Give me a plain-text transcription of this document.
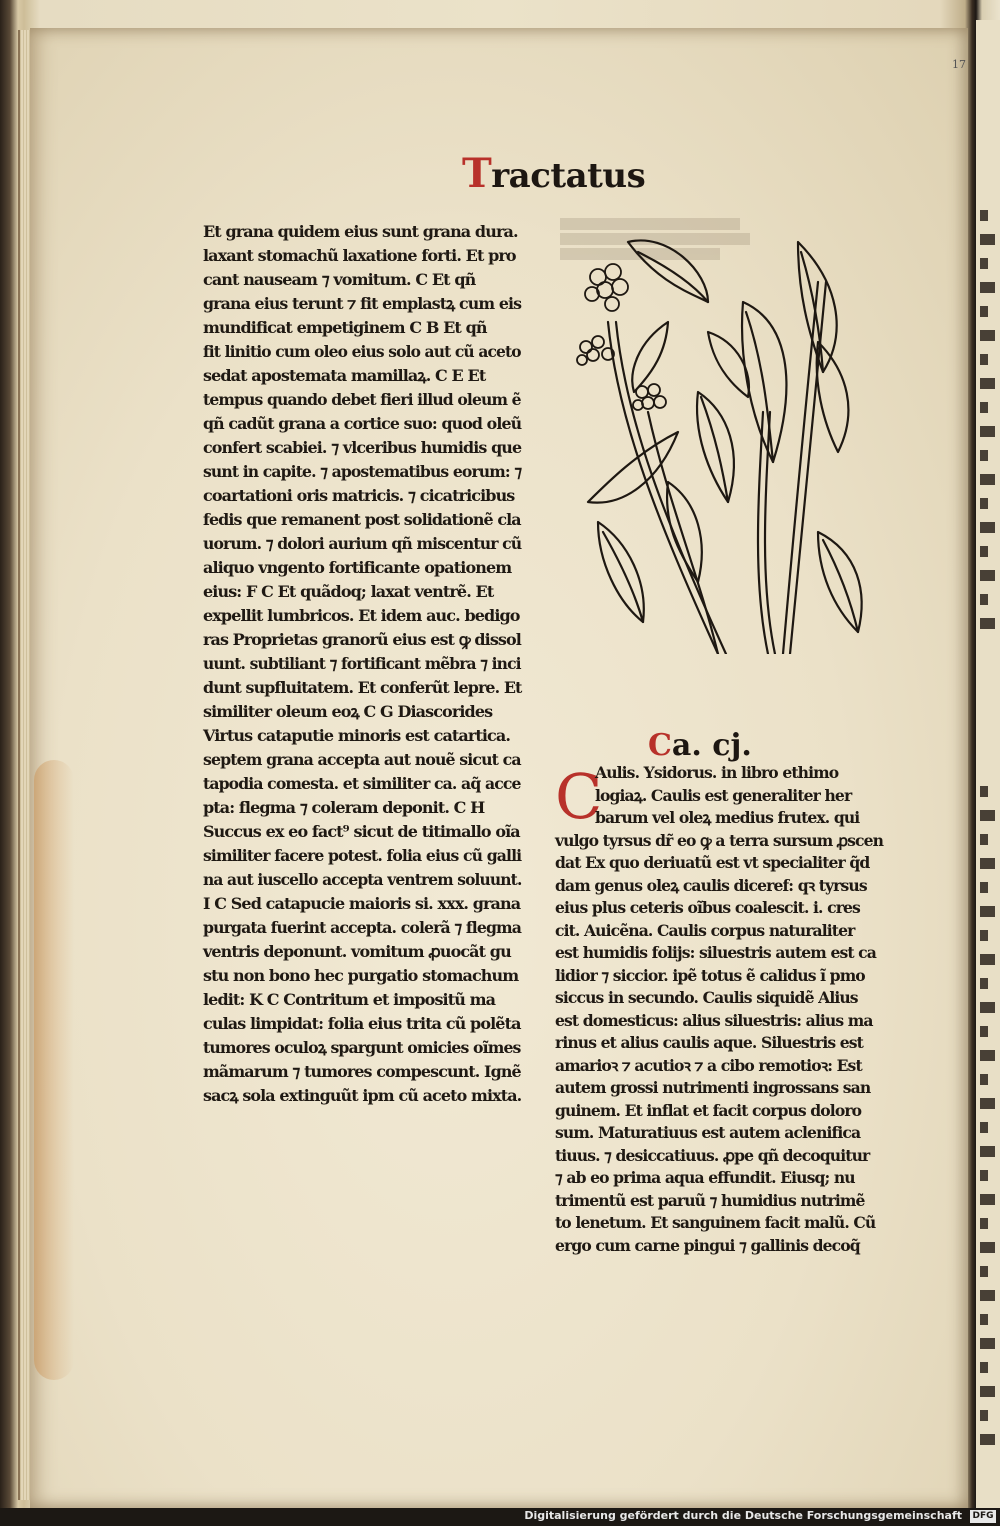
17
Tractatus
Et grana quidem eius sunt grana dura.
laxant stomachũ laxatione forti. Et pro
cant nauseam ⁊ vomitum. C Et qñ
grana eius terunt ⁊ fit emplastꝝ cum eis
mundificat empetiginem C B Et qñ
fit linitio cum oleo eius solo aut cũ aceto
sedat apostemata mamillaꝝ. C E Et
tempus quando debet fieri illud oleum ẽ
qñ cadũt grana a cortice suo: quod oleũ
confert scabiei. ⁊ vlceribus humidis que
sunt in capite. ⁊ apostematibus eorum: ⁊
coartationi oris matricis. ⁊ cicatricibus
fedis que remanent post solidationẽ cla
uorum. ⁊ dolori aurium qñ miscentur cũ
aliquo vngento fortificante opationem
eius: F C Et quãdoq; laxat ventrẽ. Et
expellit lumbricos. Et idem auc. bedigo
ras Proprietas granorũ eius est ꝙ dissol
uunt. subtiliant ⁊ fortificant mẽbra ⁊ inci
dunt supfluitatem. Et conferũt lepre. Et
similiter oleum eoꝝ C G Diascorides
Virtus cataputie minoris est catartica.
septem grana accepta aut nouẽ sicut ca
tapodia comesta. et similiter ca. aq̃ acce
pta: flegma ⁊ coleram deponit. C H
Succus ex eo fact⁹ sicut de titimallo oĩa
similiter facere potest. folia eius cũ galli
na aut iuscello accepta ventrem soluunt.
I C Sed catapucie maioris si. xxx. grana
purgata fuerint accepta. colerã ⁊ flegma
ventris deponunt. vomitum ꝓuocãt gu
stu non bono hec purgatio stomachum
ledit: K C Contritum et impositũ ma
culas limpidat: folia eius trita cũ polẽta
tumores oculoꝝ spargunt omicies oĩmes
mãmarum ⁊ tumores compescunt. Ignẽ
sacꝝ sola extinguũt ipm cũ aceto mixta.
Ca. cj.
C
Aulis. Ysidorus. in libro ethimo
logiaꝝ. Caulis est generaliter her
barum vel oleꝝ medius frutex. qui
vulgo tyrsus dr̃ eo ꝙ a terra sursum ꝓscen
dat Ex quo deriuatũ est vt specialiter q̃d
dam genus oleꝝ caulis diceref: qꝛ tyrsus
eius plus ceteris oĩbus coalescit. i. cres
cit. Auicẽna. Caulis corpus naturaliter
est humidis folijs: siluestris autem est ca
lidior ⁊ siccior. ipẽ totus ẽ calidus ĩ pmo
siccus in secundo. Caulis siquidẽ Alius
est domesticus: alius siluestris: alius ma
rinus et alius caulis aque. Siluestris est
amarioꝛ ⁊ acutioꝛ ⁊ a cibo remotioꝛ: Est
autem grossi nutrimenti ingrossans san
guinem. Et inflat et facit corpus doloro
sum. Maturatiuus est autem aclenifica
tiuus. ⁊ desiccatiuus. ꝓpe qñ decoquitur
⁊ ab eo prima aqua effundit. Eiusq; nu
trimentũ est paruũ ⁊ humidius nutrimẽ
to lenetum. Et sanguinem facit malũ. Cũ
ergo cum carne pingui ⁊ gallinis decoq̃
Digitalisierung gefördert durch die Deutsche Forschungsgemeinschaft DFG
